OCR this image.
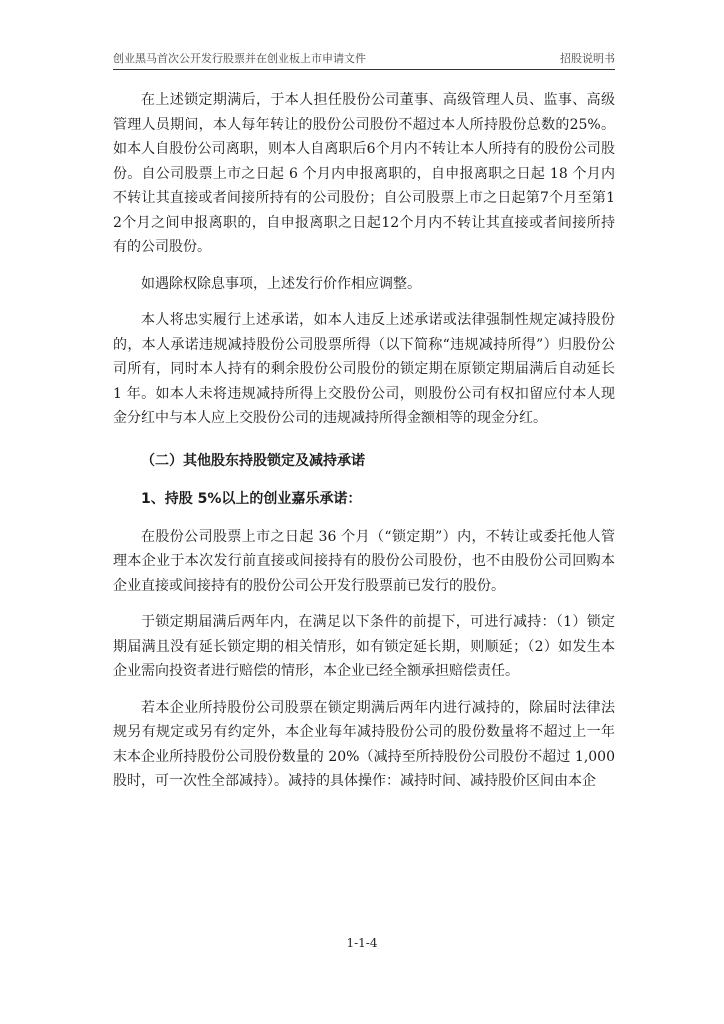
创业黑马首次公开发行股票并在创业板上市申请文件	招股说明书

在上述锁定期满后，于本人担任股份公司董事、高级管理人员、监事、高级管理人员期间，本人每年转让的股份公司股份不超过本人所持股份总数的25%。如本人自股份公司离职，则本人自离职后6个月内不转让本人所持有的股份公司股份。自公司股票上市之日起 6 个月内申报离职的，自申报离职之日起 18 个月内不转让其直接或者间接所持有的公司股份；自公司股票上市之日起第7个月至第12个月之间申报离职的，自申报离职之日起12个月内不转让其直接或者间接所持有的公司股份。

如遇除权除息事项，上述发行价作相应调整。

本人将忠实履行上述承诺，如本人违反上述承诺或法律强制性规定减持股份的，本人承诺违规减持股份公司股票所得（以下简称“违规减持所得”）归股份公司所有，同时本人持有的剩余股份公司股份的锁定期在原锁定期届满后自动延长 1 年。如本人未将违规减持所得上交股份公司，则股份公司有权扣留应付本人现金分红中与本人应上交股份公司的违规减持所得金额相等的现金分红。

（二）其他股东持股锁定及减持承诺
1、持股 5%以上的创业嘉乐承诺：

在股份公司股票上市之日起 36 个月（“锁定期”）内，不转让或委托他人管理本企业于本次发行前直接或间接持有的股份公司股份，也不由股份公司回购本企业直接或间接持有的股份公司公开发行股票前已发行的股份。

于锁定期届满后两年内，在满足以下条件的前提下，可进行减持：（1）锁定期届满且没有延长锁定期的相关情形，如有锁定延长期，则顺延；（2）如发生本企业需向投资者进行赔偿的情形，本企业已经全额承担赔偿责任。

若本企业所持股份公司股票在锁定期满后两年内进行减持的，除届时法律法规另有规定或另有约定外，本企业每年减持股份公司的股份数量将不超过上一年末本企业所持股份公司股份数量的 20%（减持至所持股份公司股份不超过 1,000 股时，可一次性全部减持）。减持的具体操作：减持时间、减持股价区间由本企

1-1-4
